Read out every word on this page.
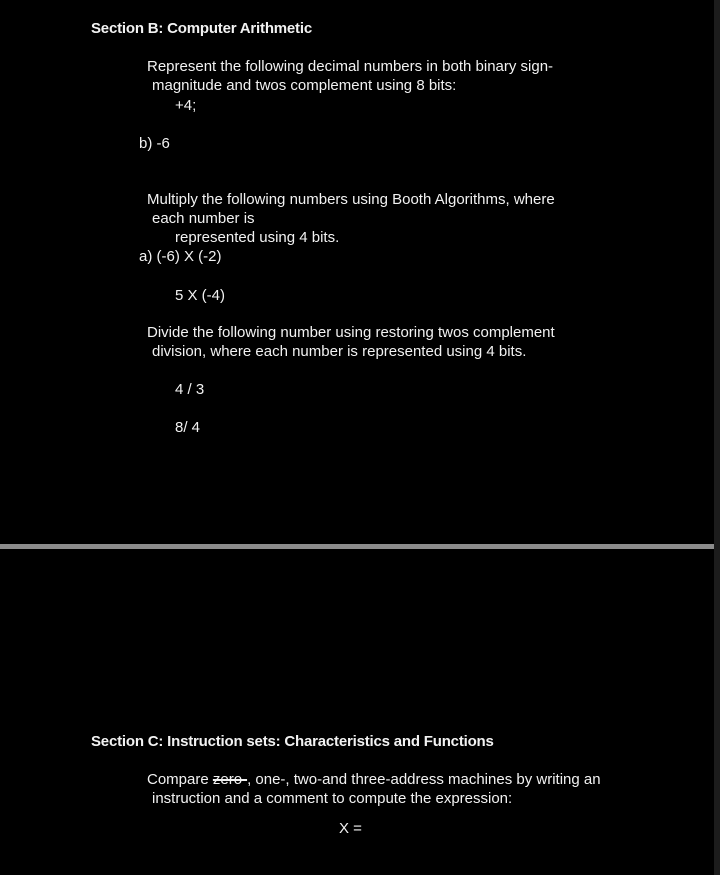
Section B: Computer Arithmetic
Represent the following decimal numbers in both binary sign-
magnitude and twos complement using 8 bits:
+4;
b) -6
Multiply the following numbers using Booth Algorithms, where
each number is
represented using 4 bits.
a) (-6) X (-2)
5 X (-4)
Divide the following number using restoring twos complement
division, where each number is represented using 4 bits.
4 / 3
8/ 4
Section C: Instruction sets: Characteristics and Functions
Compare zero-, one-, two-and three-address machines by writing an
instruction and a comment to compute the expression:
X =
